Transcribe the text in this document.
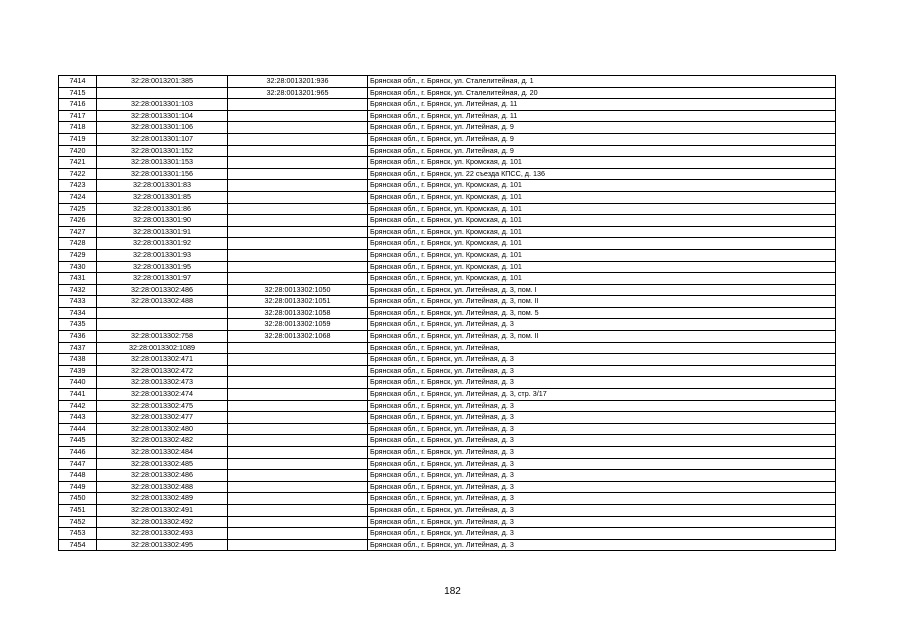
7414	32:28:0013201:385	32:28:0013201:936	Брянская обл., г. Брянск, ул. Сталелитейная, д. 1
7415		32:28:0013201:965	Брянская обл., г. Брянск, ул. Сталелитейная, д. 20
7416	32:28:0013301:103		Брянская обл., г. Брянск, ул. Литейная, д. 11
7417	32:28:0013301:104		Брянская обл., г. Брянск, ул. Литейная, д. 11
7418	32:28:0013301:106		Брянская обл., г. Брянск, ул. Литейная, д. 9
7419	32:28:0013301:107		Брянская обл., г. Брянск, ул. Литейная, д. 9
7420	32:28:0013301:152		Брянская обл., г. Брянск, ул. Литейная, д. 9
7421	32:28:0013301:153		Брянская обл., г. Брянск, ул. Кромская, д. 101
7422	32:28:0013301:156		Брянская обл., г. Брянск, ул. 22 съезда КПСС, д. 136
7423	32:28:0013301:83		Брянская обл., г. Брянск, ул. Кромская, д. 101
7424	32:28:0013301:85		Брянская обл., г. Брянск, ул. Кромская, д. 101
7425	32:28:0013301:86		Брянская обл., г. Брянск, ул. Кромская, д. 101
7426	32:28:0013301:90		Брянская обл., г. Брянск, ул. Кромская, д. 101
7427	32:28:0013301:91		Брянская обл., г. Брянск, ул. Кромская, д. 101
7428	32:28:0013301:92		Брянская обл., г. Брянск, ул. Кромская, д. 101
7429	32:28:0013301:93		Брянская обл., г. Брянск, ул. Кромская, д. 101
7430	32:28:0013301:95		Брянская обл., г. Брянск, ул. Кромская, д. 101
7431	32:28:0013301:97		Брянская обл., г. Брянск, ул. Кромская, д. 101
7432	32:28:0013302:486	32:28:0013302:1050	Брянская обл., г. Брянск, ул. Литейная, д. 3, пом. I
7433	32:28:0013302:488	32:28:0013302:1051	Брянская обл., г. Брянск, ул. Литейная, д. 3, пом. II
7434		32:28:0013302:1058	Брянская обл., г. Брянск, ул. Литейная, д. 3, пом. 5
7435		32:28:0013302:1059	Брянская обл., г. Брянск, ул. Литейная, д. 3
7436	32:28:0013302:758	32:28:0013302:1068	Брянская обл., г. Брянск, ул. Литейная, д. 3, пом. II
7437	32:28:0013302:1089		Брянская обл., г. Брянск, ул. Литейная,
7438	32:28:0013302:471		Брянская обл., г. Брянск, ул. Литейная, д. 3
7439	32:28:0013302:472		Брянская обл., г. Брянск, ул. Литейная, д. 3
7440	32:28:0013302:473		Брянская обл., г. Брянск, ул. Литейная, д. 3
7441	32:28:0013302:474		Брянская обл., г. Брянск, ул. Литейная, д. 3, стр. 3/17
7442	32:28:0013302:475		Брянская обл., г. Брянск, ул. Литейная, д. 3
7443	32:28:0013302:477		Брянская обл., г. Брянск, ул. Литейная, д. 3
7444	32:28:0013302:480		Брянская обл., г. Брянск, ул. Литейная, д. 3
7445	32:28:0013302:482		Брянская обл., г. Брянск, ул. Литейная, д. 3
7446	32:28:0013302:484		Брянская обл., г. Брянск, ул. Литейная, д. 3
7447	32:28:0013302:485		Брянская обл., г. Брянск, ул. Литейная, д. 3
7448	32:28:0013302:486		Брянская обл., г. Брянск, ул. Литейная, д. 3
7449	32:28:0013302:488		Брянская обл., г. Брянск, ул. Литейная, д. 3
7450	32:28:0013302:489		Брянская обл., г. Брянск, ул. Литейная, д. 3
7451	32:28:0013302:491		Брянская обл., г. Брянск, ул. Литейная, д. 3
7452	32:28:0013302:492		Брянская обл., г. Брянск, ул. Литейная, д. 3
7453	32:28:0013302:493		Брянская обл., г. Брянск, ул. Литейная, д. 3
7454	32:28:0013302:495		Брянская обл., г. Брянск, ул. Литейная, д. 3
182
